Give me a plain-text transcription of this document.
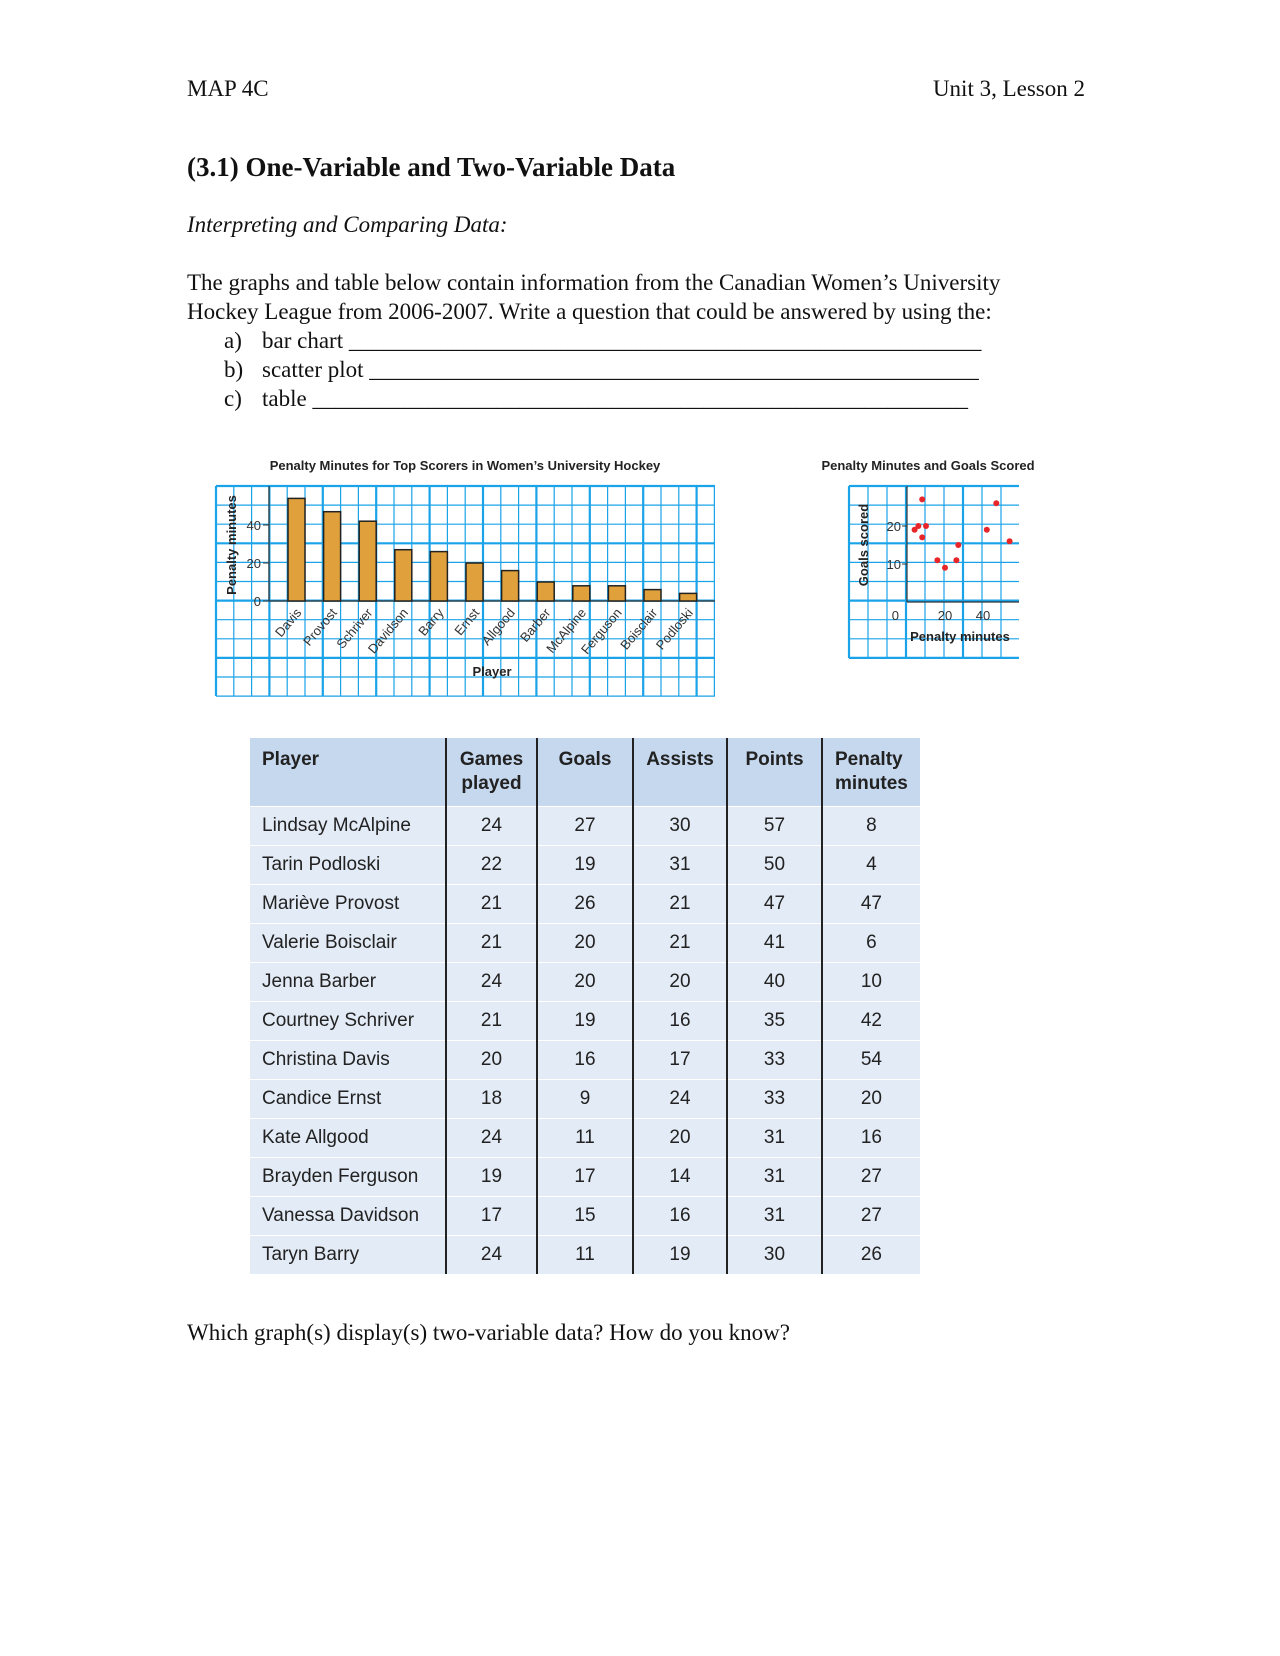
MAP 4C	Unit 3, Lesson 2
(3.1) One-Variable and Two-Variable Data
Interpreting and Comparing Data:
The graphs and table below contain information from the Canadian Women’s University
Hockey League from 2006-2007. Write a question that could be answered by using the:
a) bar chart _______________________________________________________
b) scatter plot _____________________________________________________
c) table _________________________________________________________
Penalty Minutes for Top Scorers in Women’s University Hockey
0
20
40
Penalty minutes
Davis
Provost
Schriver
Davidson Barry Ernst
Allgood Barber
McAlpine
Ferguson
Boisclair
Podloski
Player
Penalty Minutes and Goals Scored
0	20 40
10
20
Goals scored
Penalty minutes
Player	Games played	Goals	Assists	Points	Penalty minutes
Lindsay McAlpine	24	27	30	57	8
Tarin Podloski	22	19	31	50	4
Mariève Provost	21	26	21	47	47
Valerie Boisclair	21	20	21	41	6
Jenna Barber	24	20	20	40	10
Courtney Schriver	21	19	16	35	42
Christina Davis	20	16	17	33	54
Candice Ernst	18	9	24	33	20
Kate Allgood	24	11	20	31	16
Brayden Ferguson	19	17	14	31	27
Vanessa Davidson	17	15	16	31	27
Taryn Barry	24	11	19	30	26
Which graph(s) display(s) two-variable data? How do you know?
